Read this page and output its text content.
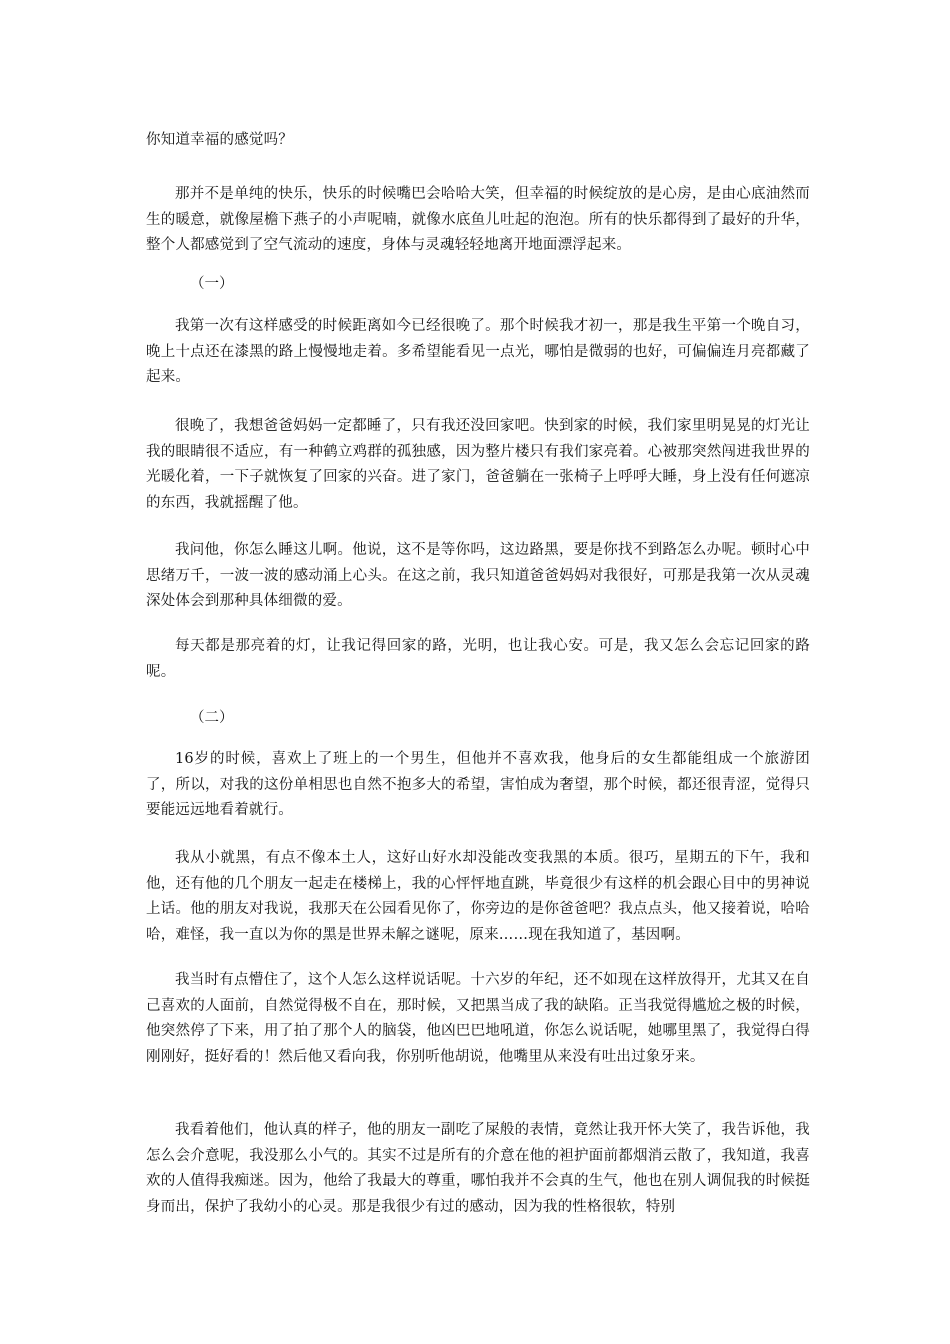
你知道幸福的感觉吗？

那并不是单纯的快乐，快乐的时候嘴巴会哈哈大笑，但幸福的时候绽放的是心房，是由心底油然而生的暖意，就像屋檐下燕子的小声呢喃，就像水底鱼儿吐起的泡泡。所有的快乐都得到了最好的升华，整个人都感觉到了空气流动的速度，身体与灵魂轻轻地离开地面漂浮起来。

（一）

我第一次有这样感受的时候距离如今已经很晚了。那个时候我才初一，那是我生平第一个晚自习，晚上十点还在漆黑的路上慢慢地走着。多希望能看见一点光，哪怕是微弱的也好，可偏偏连月亮都藏了起来。

很晚了，我想爸爸妈妈一定都睡了，只有我还没回家吧。快到家的时候，我们家里明晃晃的灯光让我的眼睛很不适应，有一种鹤立鸡群的孤独感，因为整片楼只有我们家亮着。心被那突然闯进我世界的光暖化着，一下子就恢复了回家的兴奋。进了家门，爸爸躺在一张椅子上呼呼大睡，身上没有任何遮凉的东西，我就摇醒了他。

我问他，你怎么睡这儿啊。他说，这不是等你吗，这边路黑，要是你找不到路怎么办呢。顿时心中思绪万千，一波一波的感动涌上心头。在这之前，我只知道爸爸妈妈对我很好，可那是我第一次从灵魂深处体会到那种具体细微的爱。

每天都是那亮着的灯，让我记得回家的路，光明，也让我心安。可是，我又怎么会忘记回家的路呢。

（二）

16岁的时候，喜欢上了班上的一个男生，但他并不喜欢我，他身后的女生都能组成一个旅游团了，所以，对我的这份单相思也自然不抱多大的希望，害怕成为奢望，那个时候，都还很青涩，觉得只要能远远地看着就行。

我从小就黑，有点不像本土人，这好山好水却没能改变我黑的本质。很巧，星期五的下午，我和他，还有他的几个朋友一起走在楼梯上，我的心怦怦地直跳，毕竟很少有这样的机会跟心目中的男神说上话。他的朋友对我说，我那天在公园看见你了，你旁边的是你爸爸吧？我点点头，他又接着说，哈哈哈，难怪，我一直以为你的黑是世界未解之谜呢，原来……现在我知道了，基因啊。

我当时有点懵住了，这个人怎么这样说话呢。十六岁的年纪，还不如现在这样放得开，尤其又在自己喜欢的人面前，自然觉得极不自在，那时候，又把黑当成了我的缺陷。正当我觉得尴尬之极的时候，他突然停了下来，用了拍了那个人的脑袋，他凶巴巴地吼道，你怎么说话呢，她哪里黑了，我觉得白得刚刚好，挺好看的！然后他又看向我，你别听他胡说，他嘴里从来没有吐出过象牙来。

我看着他们，他认真的样子，他的朋友一副吃了屎般的表情，竟然让我开怀大笑了，我告诉他，我怎么会介意呢，我没那么小气的。其实不过是所有的介意在他的袒护面前都烟消云散了，我知道，我喜欢的人值得我痴迷。因为，他给了我最大的尊重，哪怕我并不会真的生气，他也在别人调侃我的时候挺身而出，保护了我幼小的心灵。那是我很少有过的感动，因为我的性格很软，特别
